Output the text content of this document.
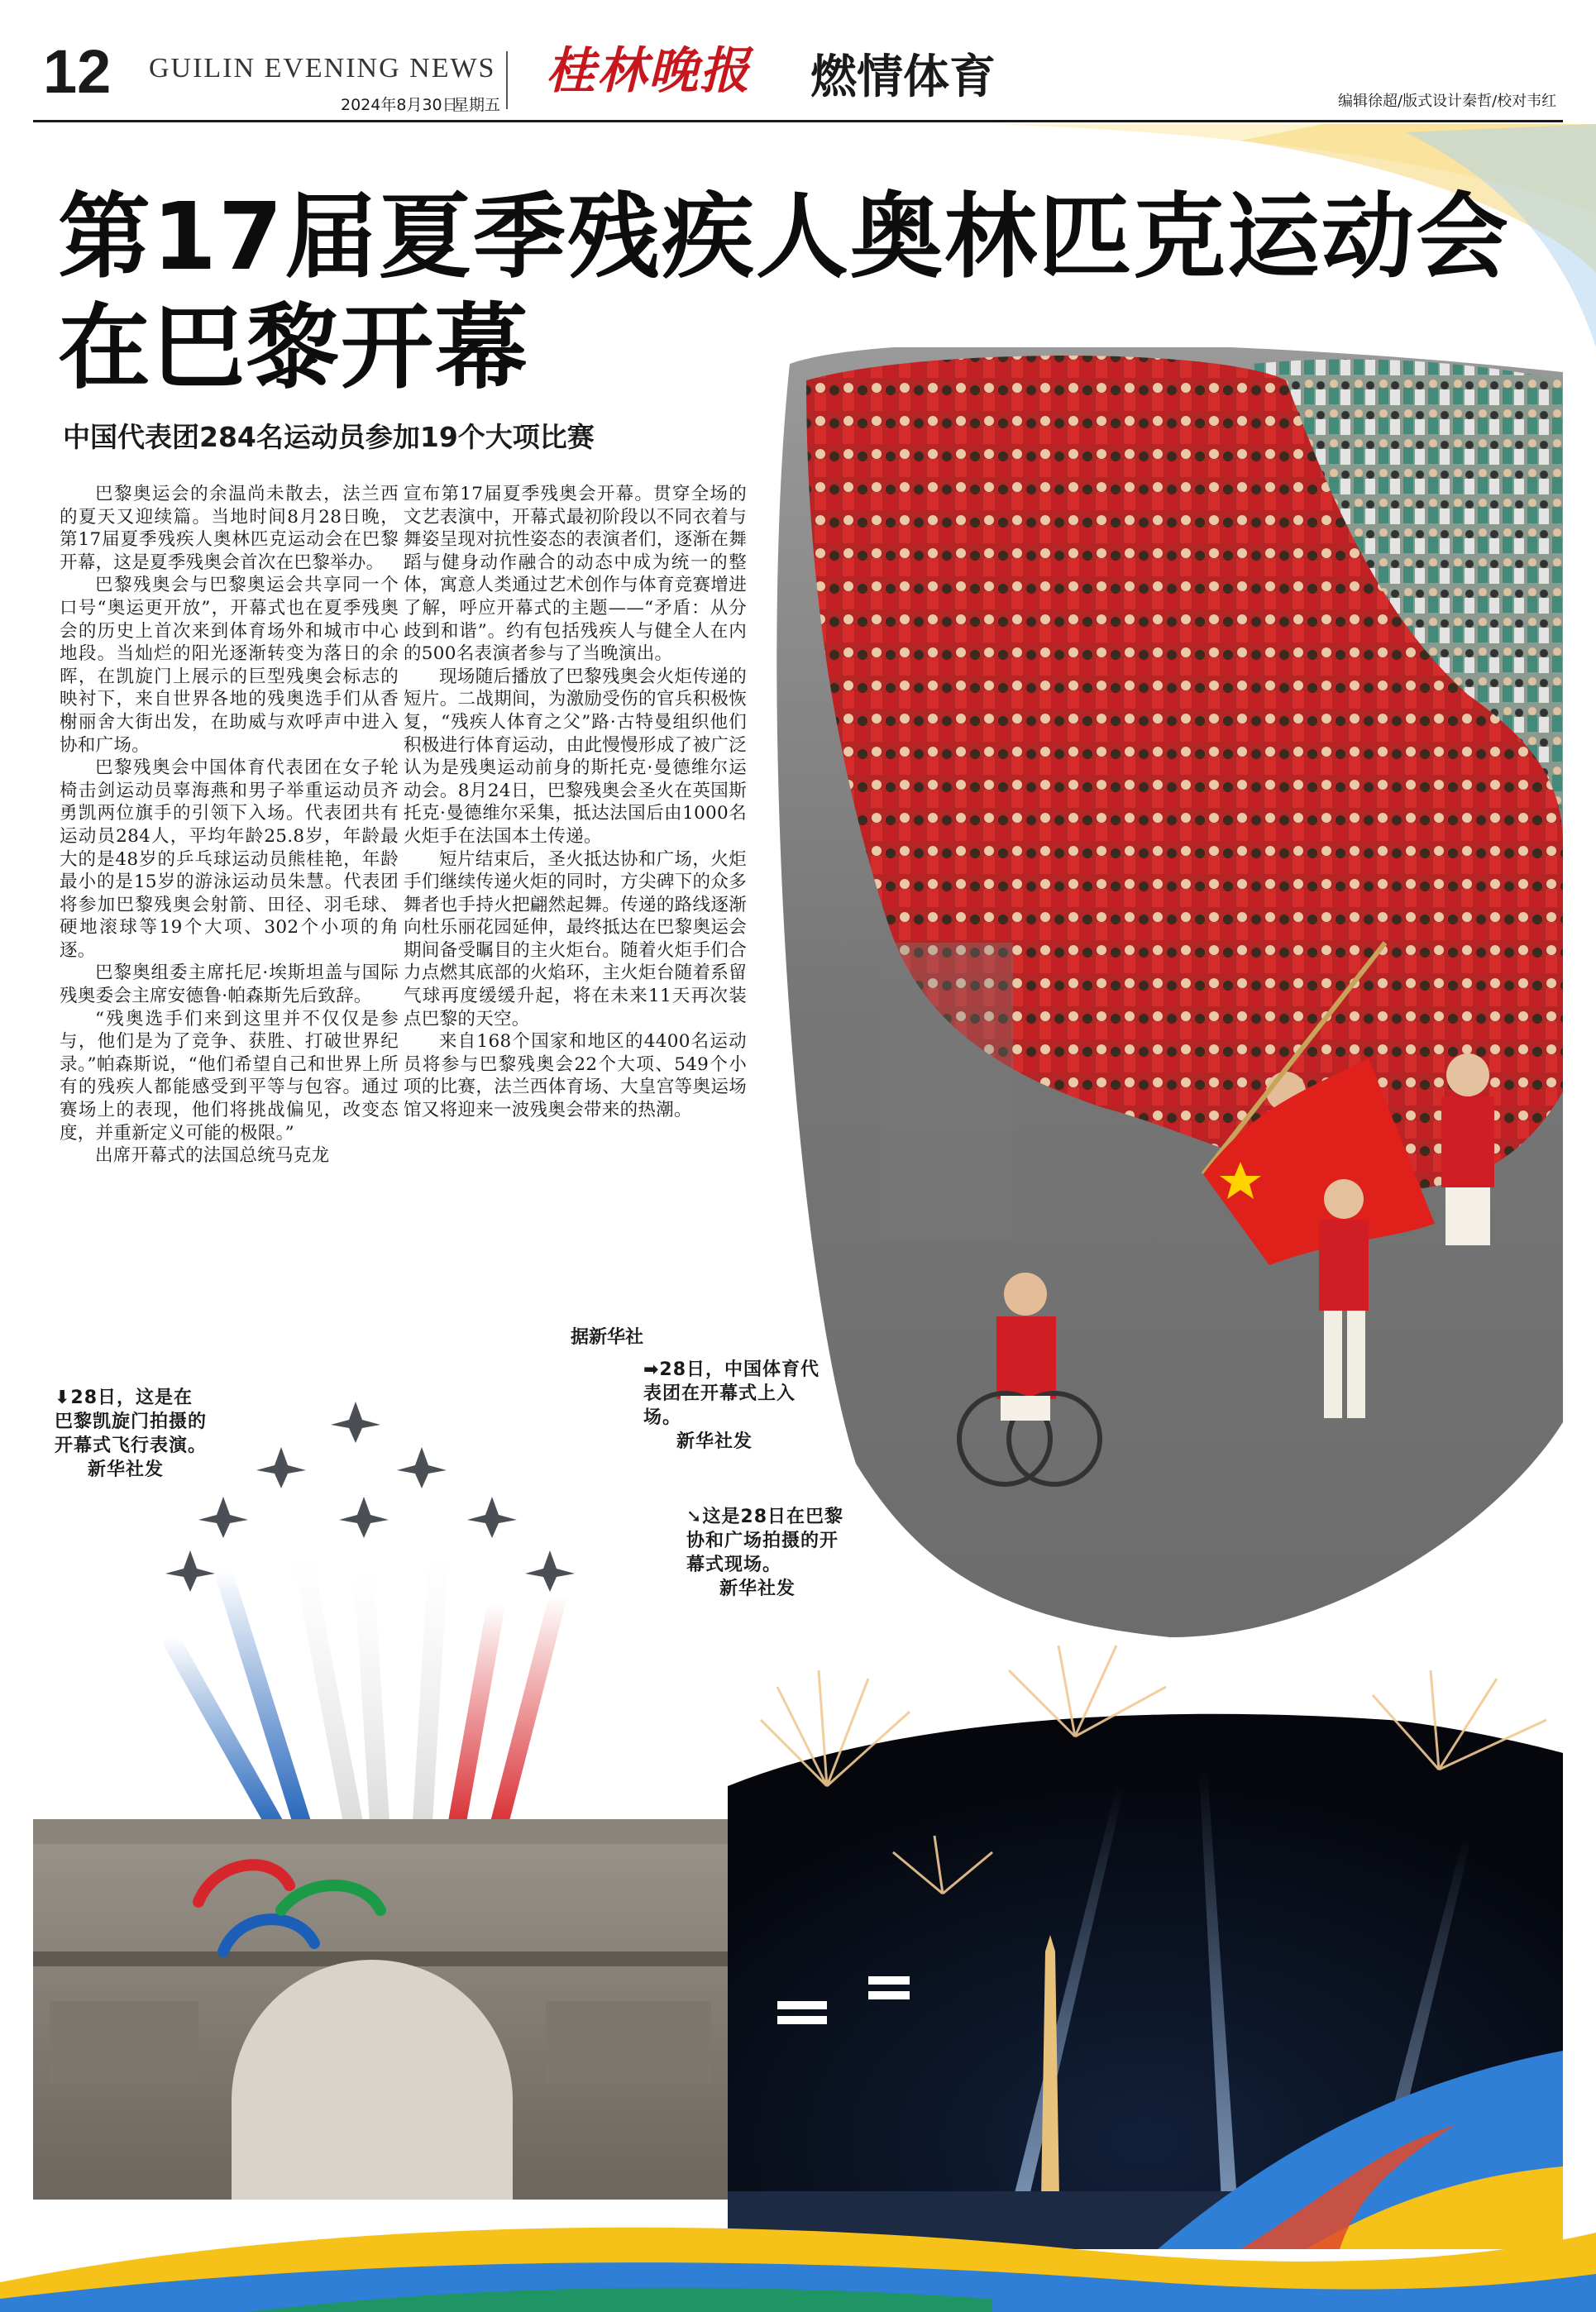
12 GUILIN EVENING NEWS
2024年8月30日
星期五
桂林晚报 燃情体育	编辑徐超/版式设计秦哲/校对韦红
第17届夏季残疾人奥林匹克运动会
在巴黎开幕
中国代表团284名运动员参加19个大项比赛

巴黎奥运会的余温尚未散去，法兰西的夏天又迎续篇。当地时间8月28日晚，第17届夏季残疾人奥林匹克运动会在巴黎开幕，这是夏季残奥会首次在巴黎举办。

巴黎残奥会与巴黎奥运会共享同一个口号“奥运更开放”，开幕式也在夏季残奥会的历史上首次来到体育场外和城市中心地段。当灿烂的阳光逐渐转变为落日的余晖，在凯旋门上展示的巨型残奥会标志的映衬下，来自世界各地的残奥选手们从香榭丽舍大街出发，在助威与欢呼声中进入协和广场。

巴黎残奥会中国体育代表团在女子轮椅击剑运动员辜海燕和男子举重运动员齐勇凯两位旗手的引领下入场。代表团共有运动员284人，平均年龄25.8岁，年龄最大的是48岁的乒乓球运动员熊桂艳，年龄最小的是15岁的游泳运动员朱慧。代表团将参加巴黎残奥会射箭、田径、羽毛球、硬地滚球等19个大项、302个小项的角逐。

巴黎奥组委主席托尼·埃斯坦盖与国际残奥委会主席安德鲁·帕森斯先后致辞。

“残奥选手们来到这里并不仅仅是参与，他们是为了竞争、获胜、打破世界纪录。”帕森斯说，“他们希望自己和世界上所有的残疾人都能感受到平等与包容。通过赛场上的表现，他们将挑战偏见，改变态度，并重新定义可能的极限。”

出席开幕式的法国总统马克龙

宣布第17届夏季残奥会开幕。贯穿全场的文艺表演中，开幕式最初阶段以不同衣着与舞姿呈现对抗性姿态的表演者们，逐渐在舞蹈与健身动作融合的动态中成为统一的整体，寓意人类通过艺术创作与体育竞赛增进了解，呼应开幕式的主题——“矛盾：从分歧到和谐”。约有包括残疾人与健全人在内的500名表演者参与了当晚演出。

现场随后播放了巴黎残奥会火炬传递的短片。二战期间，为激励受伤的官兵积极恢复，“残疾人体育之父”路·古特曼组织他们积极进行体育运动，由此慢慢形成了被广泛认为是残奥运动前身的斯托克·曼德维尔运动会。8月24日，巴黎残奥会圣火在英国斯托克·曼德维尔采集，抵达法国后由1000名火炬手在法国本土传递。

短片结束后，圣火抵达协和广场，火炬手们继续传递火炬的同时，方尖碑下的众多舞者也手持火把翩然起舞。传递的路线逐渐向杜乐丽花园延伸，最终抵达在巴黎奥运会期间备受瞩目的主火炬台。随着火炬手们合力点燃其底部的火焰环，主火炬台随着系留气球再度缓缓升起，将在未来11天再次装点巴黎的天空。

来自168个国家和地区的4400名运动员将参与巴黎残奥会22个大项、549个小项的比赛，法兰西体育场、大皇宫等奥运场馆又将迎来一波残奥会带来的热潮。

据新华社
⬇28日，这是在巴黎凯旋门拍摄的开幕式飞行表演。
新华社发
➡28日，中国体育代表团在开幕式上入场。
新华社发
➘这是28日在巴黎协和广场拍摄的开幕式现场。
新华社发
